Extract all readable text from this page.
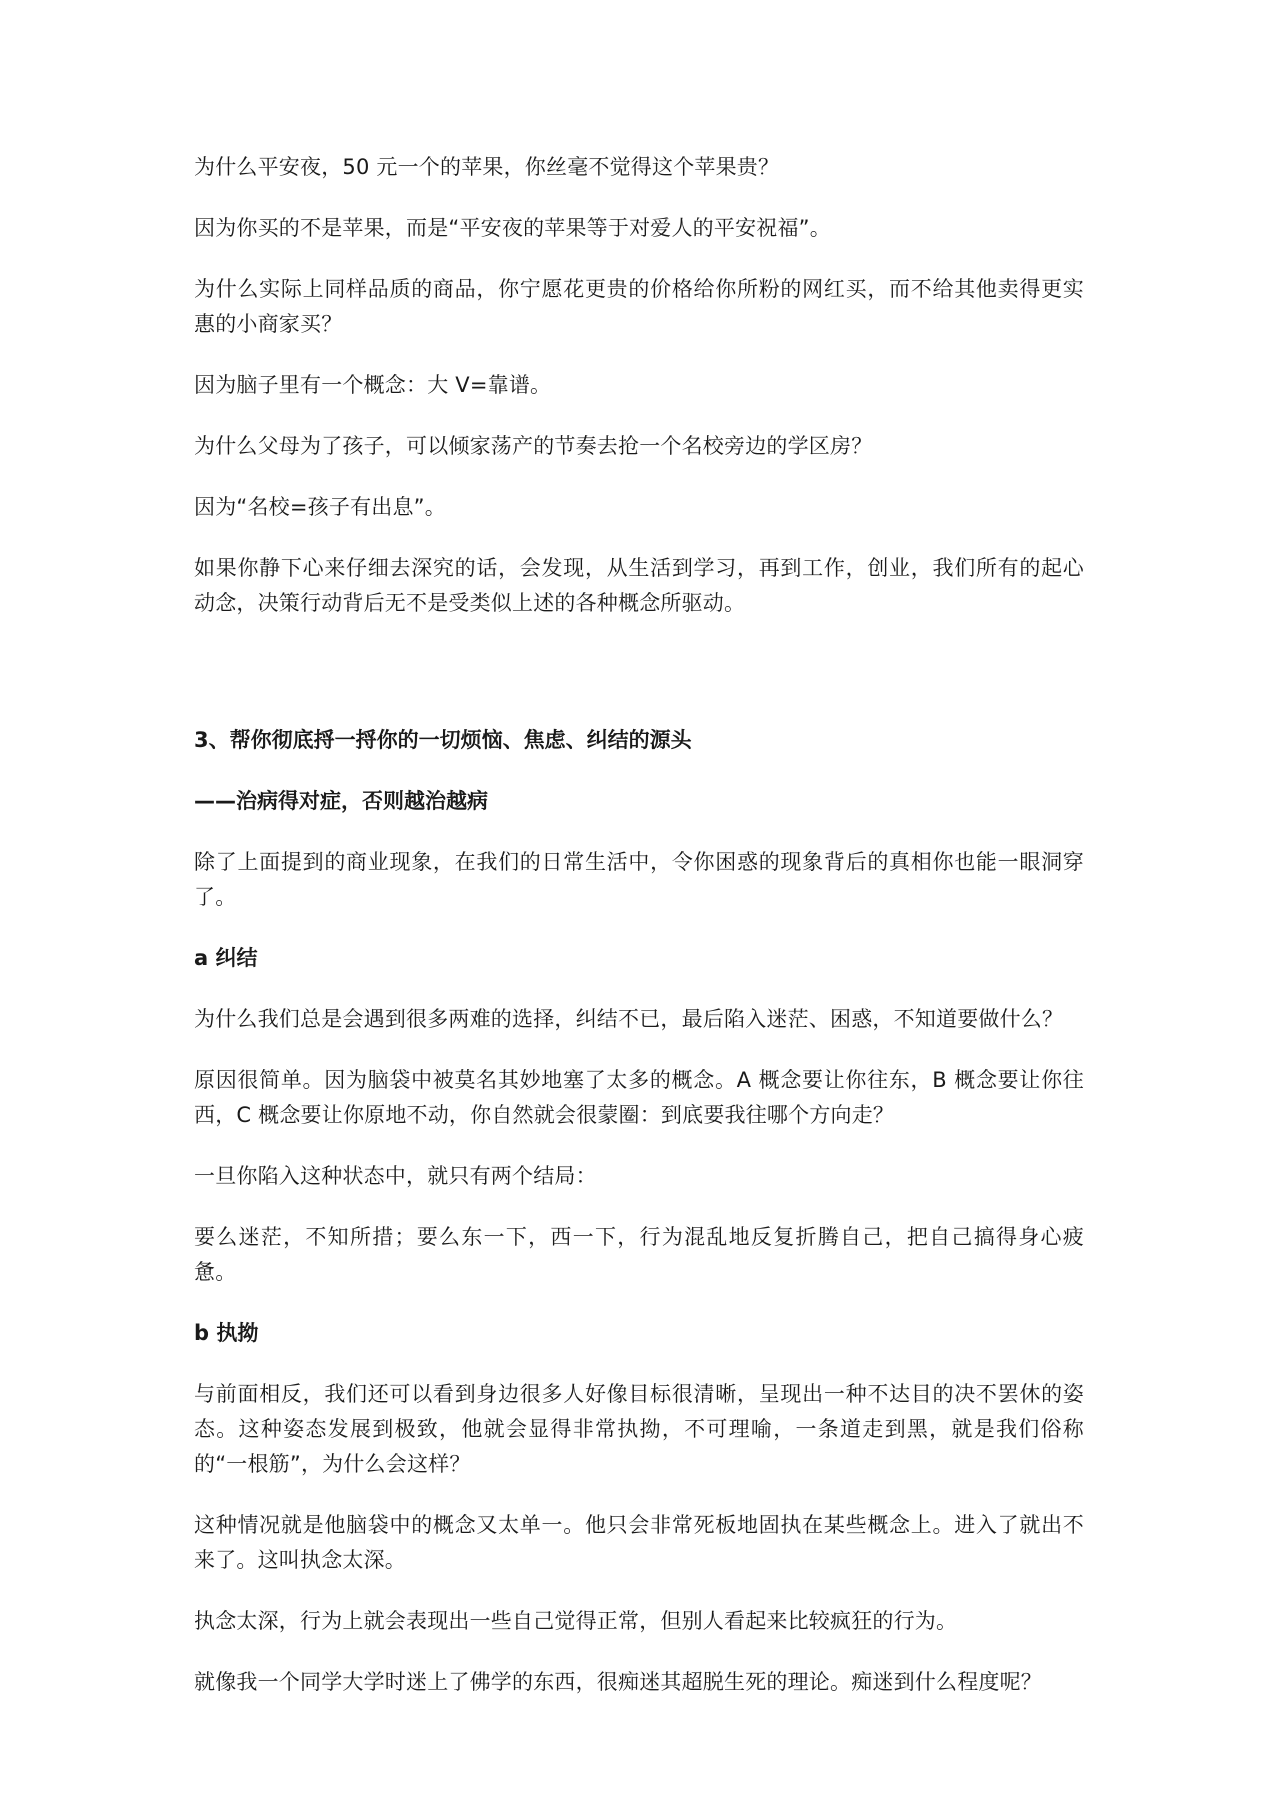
为什么平安夜，50 元一个的苹果，你丝毫不觉得这个苹果贵？

因为你买的不是苹果，而是“平安夜的苹果等于对爱人的平安祝福”。

为什么实际上同样品质的商品，你宁愿花更贵的价格给你所粉的网红买，而不给其他卖得更实惠的小商家买？

因为脑子里有一个概念：大 V=靠谱。

为什么父母为了孩子，可以倾家荡产的节奏去抢一个名校旁边的学区房？

因为“名校=孩子有出息”。

如果你静下心来仔细去深究的话，会发现，从生活到学习，再到工作，创业，我们所有的起心动念，决策行动背后无不是受类似上述的各种概念所驱动。

3、帮你彻底捋一捋你的一切烦恼、焦虑、纠结的源头

——治病得对症，否则越治越病

除了上面提到的商业现象，在我们的日常生活中，令你困惑的现象背后的真相你也能一眼洞穿了。

a 纠结

为什么我们总是会遇到很多两难的选择，纠结不已，最后陷入迷茫、困惑，不知道要做什么？

原因很简单。因为脑袋中被莫名其妙地塞了太多的概念。A 概念要让你往东，B 概念要让你往西，C 概念要让你原地不动，你自然就会很蒙圈：到底要我往哪个方向走？

一旦你陷入这种状态中，就只有两个结局：

要么迷茫，不知所措；要么东一下，西一下，行为混乱地反复折腾自己，把自己搞得身心疲惫。

b 执拗

与前面相反，我们还可以看到身边很多人好像目标很清晰，呈现出一种不达目的决不罢休的姿态。这种姿态发展到极致，他就会显得非常执拗，不可理喻，一条道走到黑，就是我们俗称的“一根筋”，为什么会这样？

这种情况就是他脑袋中的概念又太单一。他只会非常死板地固执在某些概念上。进入了就出不来了。这叫执念太深。

执念太深，行为上就会表现出一些自己觉得正常，但别人看起来比较疯狂的行为。

就像我一个同学大学时迷上了佛学的东西，很痴迷其超脱生死的理论。痴迷到什么程度呢？
